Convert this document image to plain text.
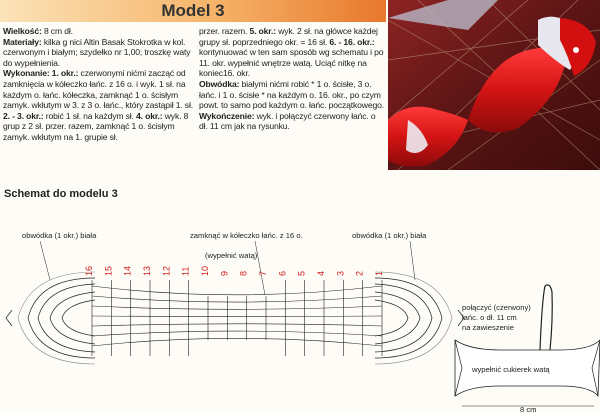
Model 3

Wielkość: 8 cm dł.

Materiały: kilka g nici Altin Basak Stokrotka w kol. czerwonym i białym; szydełko nr 1,00; troszkę waty do wypełnienia.

Wykonanie: 1. okr.: czerwonymi nićmi zacząć od zamknięcia w kółeczko łańc. z 16 o. i wyk. 1 sł. na każdym o. łańc. kółeczka, zamknąć 1 o. ścisłym zamyk. wkłutym w 3. z 3 o. łańc., który zastąpił 1. sł. 2. - 3. okr.: robić 1 sł. na każdym sł. 4. okr.: wyk. 8 grup z 2 sł. przer. razem, zamknąć 1 o. ścisłym zamyk. wkłutym na 1. grupie sł.

przer. razem. 5. okr.: wyk. 2 sł. na główce każdej grupy sł. poprzedniego okr. = 16 sł. 6. - 16. okr.: kontynuować w ten sam sposób wg schematu i po 11. okr. wypełnić wnętrze watą. Uciąć nitkę na koniec16. okr.

Obwódka: białymi nićmi robić * 1 o. ścisłe, 3 o. łańc. i 1 o. ścisłe * na każdym o. 16. okr., po czym powt. to samo pod każdym o. łańc. początkowego.

Wykończenie: wyk. i połączyć czerwony łańc. o dł. 11 cm jak na rysunku.

Schemat do modelu 3
obwódka (1 okr.) biała	obwódka (1 okr.) biała
zamknąć w kółeczko łańc. z 16 o.
(wypełnić watą)
16 15 14 13 12 11 10 9 8 7 6 5 4 3 2 1
połączyć (czerwony)
łańc. o dł. 11 cm
na zawieszenie
wypełnić cukierek watą
8 cm
